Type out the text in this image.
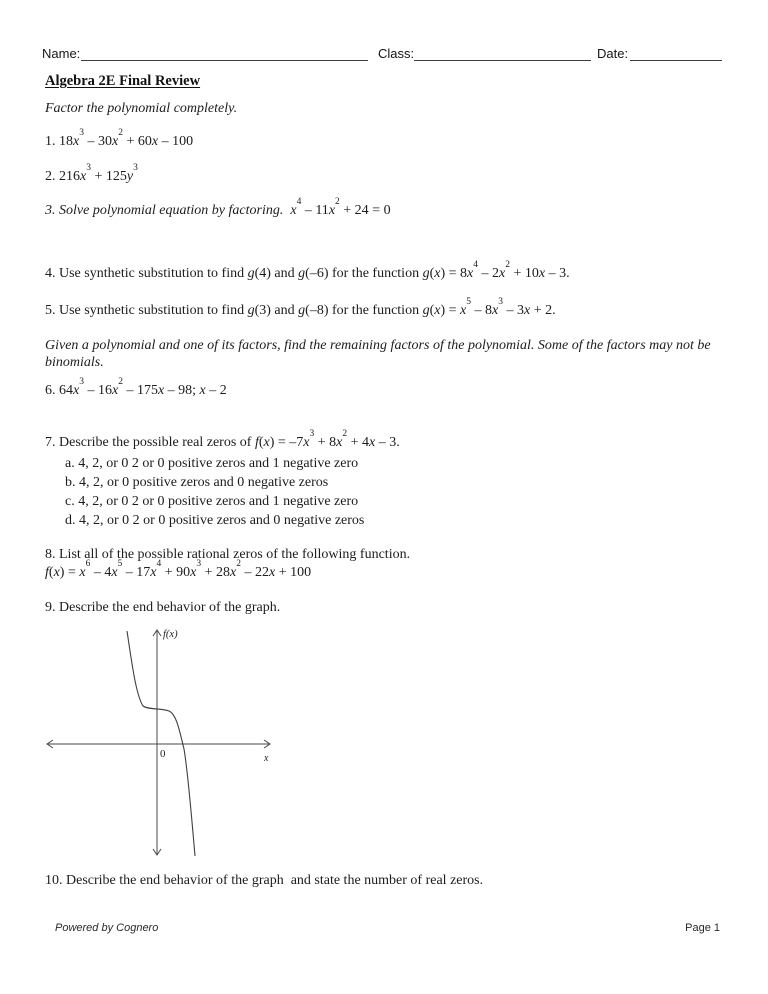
Name:	Class:	Date:
Algebra 2E Final Review
Factor the polynomial completely.
1. $18x^3 - 30x^2 + 60x - 100$
2. $216x^3 + 125y^3$
3. Solve polynomial equation by factoring. $x^4 - 11x^2 + 24 = 0$
4. Use synthetic substitution to find g(4) and g(–6) for the function $g(x) = 8x^4 - 2x^2 + 10x - 3$.
5. Use synthetic substitution to find g(3) and g(–8) for the function $g(x) = x^5 - 8x^3 - 3x + 2$.
Given a polynomial and one of its factors, find the remaining factors of the polynomial. Some of the factors may not be binomials.
6. $64x^3 - 16x^2 - 175x - 98$; x – 2
7. Describe the possible real zeros of $f(x) = -7x^3 + 8x^2 + 4x - 3$.
a. 4, 2, or 0 2 or 0 positive zeros and 1 negative zero
b. 4, 2, or 0 positive zeros and 0 negative zeros
c. 4, 2, or 0 2 or 0 positive zeros and 1 negative zero
d. 4, 2, or 0 2 or 0 positive zeros and 0 negative zeros
8. List all of the possible rational zeros of the following function.
$f(x) = x^6 - 4x^5 - 17x^4 + 90x^3 + 28x^2 - 22x + 100$
9. Describe the end behavior of the graph.
f(x)
0	x
10. Describe the end behavior of the graph  and state the number of real zeros.
Powered by Cognero	Page 1
